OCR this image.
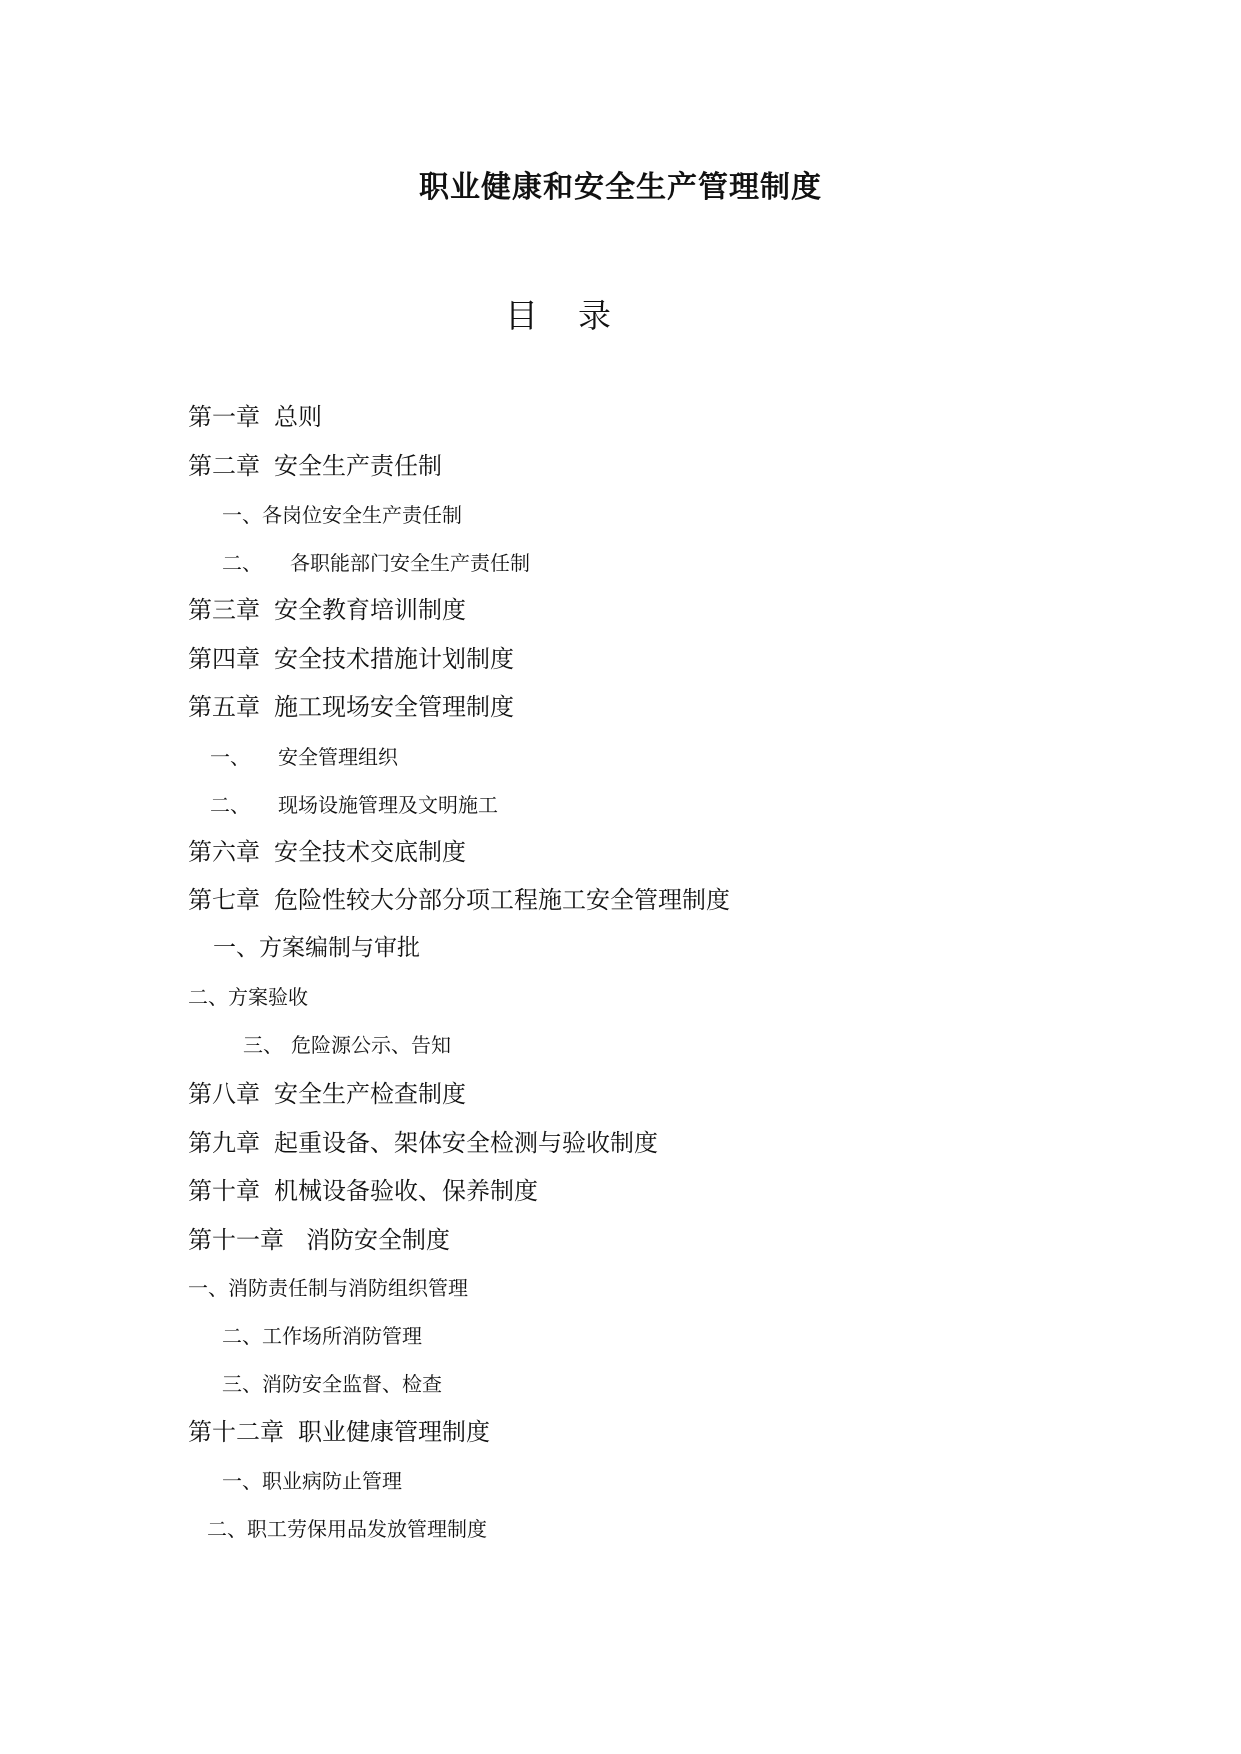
职业健康和安全生产管理制度
目 录
第一章 总则
第二章 安全生产责任制
一、各岗位安全生产责任制
二、 各职能部门安全生产责任制
第三章 安全教育培训制度
第四章 安全技术措施计划制度
第五章 施工现场安全管理制度
一、 安全管理组织
二、 现场设施管理及文明施工
第六章 安全技术交底制度
第七章 危险性较大分部分项工程施工安全管理制度
一、方案编制与审批
二、方案验收
三、 危险源公示、告知
第八章 安全生产检查制度
第九章 起重设备、架体安全检测与验收制度
第十章 机械设备验收、保养制度
第十一章 消防安全制度
一、消防责任制与消防组织管理
二、工作场所消防管理
三、消防安全监督、检查
第十二章 职业健康管理制度
一、职业病防止管理
二、职工劳保用品发放管理制度
